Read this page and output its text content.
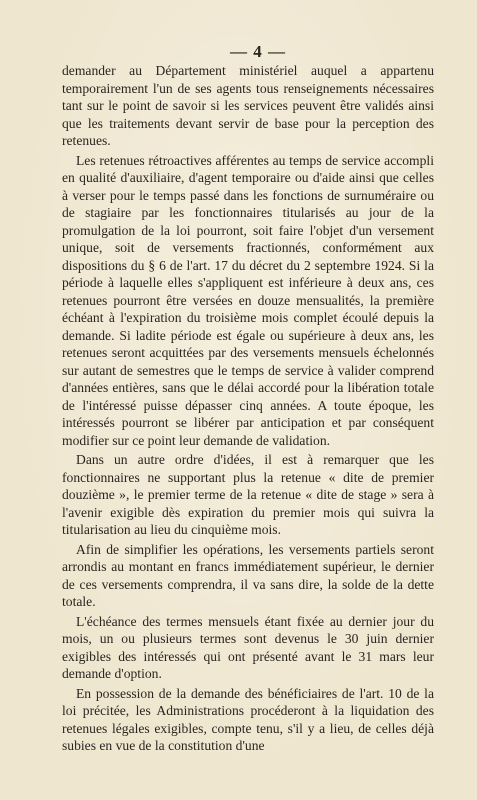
— 4 —

demander au Département ministériel auquel a appartenu temporairement l'un de ses agents tous renseignements nécessaires tant sur le point de savoir si les services peuvent être validés ainsi que les traitements devant servir de base pour la perception des retenues.

Les retenues rétroactives afférentes au temps de service accompli en qualité d'auxiliaire, d'agent temporaire ou d'aide ainsi que celles à verser pour le temps passé dans les fonctions de surnuméraire ou de stagiaire par les fonctionnaires titularisés au jour de la promulgation de la loi pourront, soit faire l'objet d'un versement unique, soit de versements fractionnés, conformément aux dispositions du § 6 de l'art. 17 du décret du 2 septembre 1924. Si la période à laquelle elles s'appliquent est inférieure à deux ans, ces retenues pourront être versées en douze mensualités, la première échéant à l'expiration du troisième mois complet écoulé depuis la demande. Si ladite période est égale ou supérieure à deux ans, les retenues seront acquittées par des versements mensuels échelonnés sur autant de semestres que le temps de service à valider comprend d'années entières, sans que le délai accordé pour la libération totale de l'intéressé puisse dépasser cinq années. A toute époque, les intéressés pourront se libérer par anticipation et par conséquent modifier sur ce point leur demande de validation.

Dans un autre ordre d'idées, il est à remarquer que les fonctionnaires ne supportant plus la retenue « dite de premier douzième », le premier terme de la retenue « dite de stage » sera à l'avenir exigible dès expiration du premier mois qui suivra la titularisation au lieu du cinquième mois.

Afin de simplifier les opérations, les versements partiels seront arrondis au montant en francs immédiatement supérieur, le dernier de ces versements comprendra, il va sans dire, la solde de la dette totale.

L'échéance des termes mensuels étant fixée au dernier jour du mois, un ou plusieurs termes sont devenus le 30 juin dernier exigibles des intéressés qui ont présenté avant le 31 mars leur demande d'option.

En possession de la demande des bénéficiaires de l'art. 10 de la loi précitée, les Administrations procéderont à la liquidation des retenues légales exigibles, compte tenu, s'il y a lieu, de celles déjà subies en vue de la constitution d'une
